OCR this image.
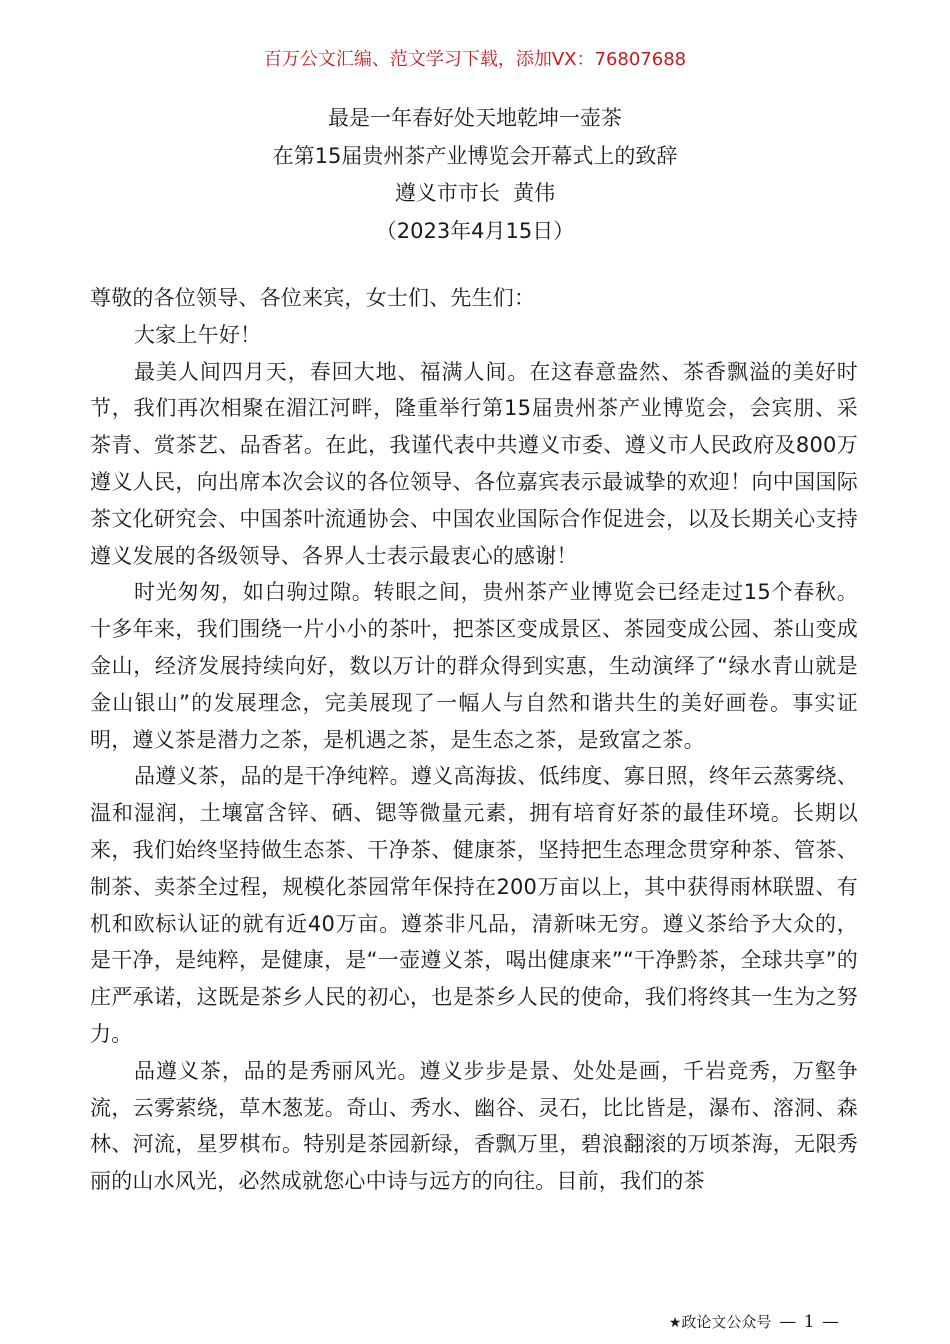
百万公文汇编、范文学习下载，添加VX：76807688
最是一年春好处天地乾坤一壶茶
在第15届贵州茶产业博览会开幕式上的致辞
遵义市市长  黄伟
（2023年4月15日）

尊敬的各位领导、各位来宾，女士们、先生们：

大家上午好！

最美人间四月天，春回大地、福满人间。在这春意盎然、茶香飘溢的美好时节，我们再次相聚在湄江河畔，隆重举行第15届贵州茶产业博览会，会宾朋、采茶青、赏茶艺、品香茗。在此，我谨代表中共遵义市委、遵义市人民政府及800万遵义人民，向出席本次会议的各位领导、各位嘉宾表示最诚挚的欢迎！向中国国际茶文化研究会、中国茶叶流通协会、中国农业国际合作促进会，以及长期关心支持遵义发展的各级领导、各界人士表示最衷心的感谢！

时光匆匆，如白驹过隙。转眼之间，贵州茶产业博览会已经走过15个春秋。十多年来，我们围绕一片小小的茶叶，把茶区变成景区、茶园变成公园、茶山变成金山，经济发展持续向好，数以万计的群众得到实惠，生动演绎了“绿水青山就是金山银山”的发展理念，完美展现了一幅人与自然和谐共生的美好画卷。事实证明，遵义茶是潜力之茶，是机遇之茶，是生态之茶，是致富之茶。

品遵义茶，品的是干净纯粹。遵义高海拔、低纬度、寡日照，终年云蒸雾绕、温和湿润，土壤富含锌、硒、锶等微量元素，拥有培育好茶的最佳环境。长期以来，我们始终坚持做生态茶、干净茶、健康茶，坚持把生态理念贯穿种茶、管茶、制茶、卖茶全过程，规模化茶园常年保持在200万亩以上，其中获得雨林联盟、有机和欧标认证的就有近40万亩。遵茶非凡品，清新味无穷。遵义茶给予大众的，是干净，是纯粹，是健康，是“一壶遵义茶，喝出健康来”“干净黔茶，全球共享”的庄严承诺，这既是茶乡人民的初心，也是茶乡人民的使命，我们将终其一生为之努力。

品遵义茶，品的是秀丽风光。遵义步步是景、处处是画，千岩竞秀，万壑争流，云雾萦绕，草木葱茏。奇山、秀水、幽谷、灵石，比比皆是，瀑布、溶洞、森林、河流，星罗棋布。特别是茶园新绿，香飘万里，碧浪翻滚的万顷茶海，无限秀丽的山水风光，必然成就您心中诗与远方的向往。目前，我们的茶

★政论文公众号 — 1 —
